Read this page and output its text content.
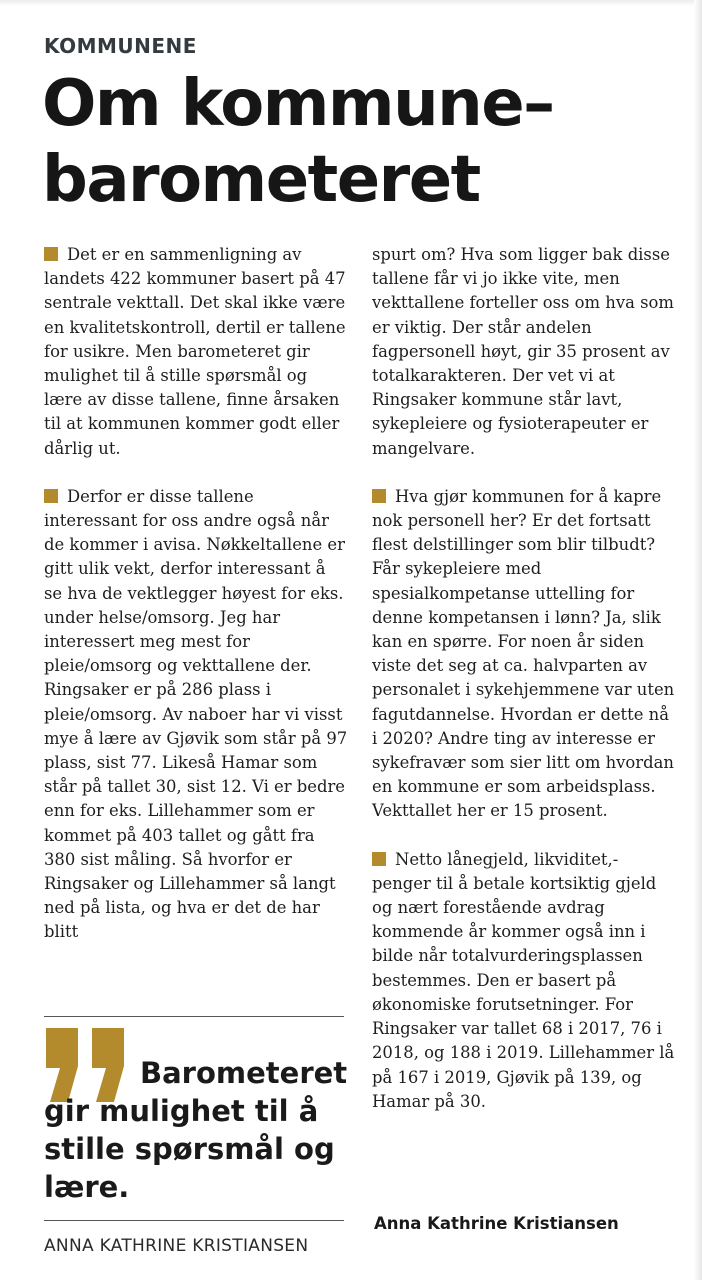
KOMMUNENE
Om kommune–
barometeret

Det er en sammenligning av landets 422 kommuner basert på 47 sentrale vekttall. Det skal ikke være en kvalitetskontroll, dertil er tallene for usikre. Men barometeret gir mulighet til å stille spørsmål og lære av disse tallene, finne årsaken til at kommunen kommer godt eller dårlig ut.

Derfor er disse tallene interessant for oss andre også når de kommer i avisa. Nøkkeltallene er gitt ulik vekt, derfor interessant å se hva de vektlegger høyest for eks. under helse/omsorg. Jeg har interessert meg mest for pleie/omsorg og vekttallene der. Ringsaker er på 286 plass i pleie/omsorg. Av naboer har vi visst mye å lære av Gjøvik som står på 97 plass, sist 77. Likeså Hamar som står på tallet 30, sist 12. Vi er bedre enn for eks. Lillehammer som er kommet på 403 tallet og gått fra 380 sist måling. Så hvorfor er Ringsaker og Lillehammer så langt ned på lista, og hva er det de har blitt

spurt om? Hva som ligger bak disse tallene får vi jo ikke vite, men vekttallene forteller oss om hva som er viktig. Der står andelen fagpersonell høyt, gir 35 prosent av totalkarakteren. Der vet vi at Ringsaker kommune står lavt, sykepleiere og fysioterapeuter er mangelvare.

Hva gjør kommunen for å kapre nok personell her? Er det fortsatt flest delstillinger som blir tilbudt? Får sykepleiere med spesialkompetanse uttelling for denne kompetansen i lønn? Ja, slik kan en spørre. For noen år siden viste det seg at ca. halvparten av personalet i sykehjemmene var uten fagutdannelse. Hvordan er dette nå i 2020? Andre ting av interesse er sykefravær som sier litt om hvordan en kommune er som arbeidsplass. Vekttallet her er 15 prosent.

Netto lånegjeld, likviditet,- penger til å betale kortsiktig gjeld og nært forestående avdrag kommende år kommer også inn i bilde når totalvurderingsplassen bestemmes. Den er basert på økonomiske forutsetninger. For Ringsaker var tallet 68 i 2017, 76 i 2018, og 188 i 2019. Lillehammer lå på 167 i 2019, Gjøvik på 139, og Hamar på 30.

Barometeret gir mulighet til å stille spørsmål og lære.
ANNA KATHRINE KRISTIANSEN
Anna Kathrine Kristiansen
